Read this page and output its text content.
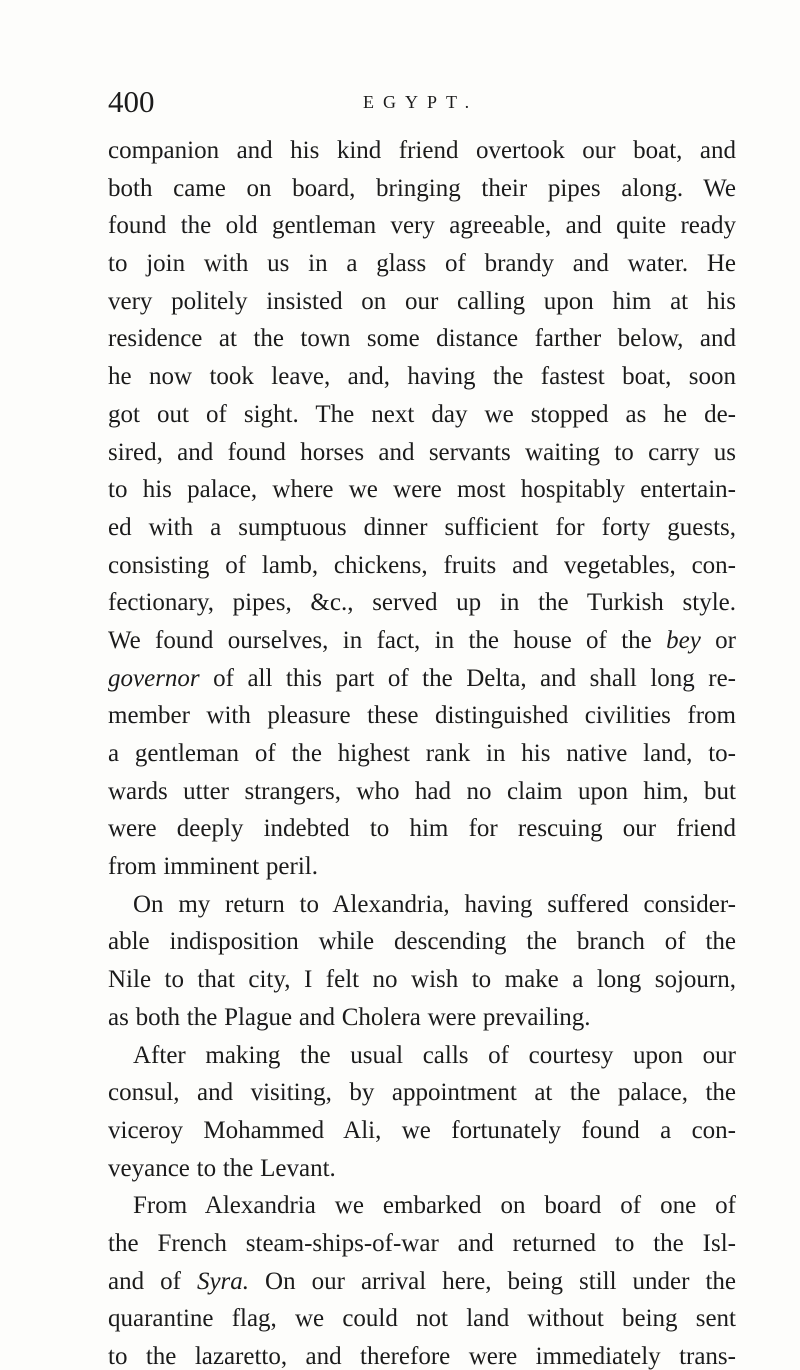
400	EGYPT.
companion and his kind friend overtook our boat, and
both came on board, bringing their pipes along. We
found the old gentleman very agreeable, and quite ready
to join with us in a glass of brandy and water. He
very politely insisted on our calling upon him at his
residence at the town some distance farther below, and
he now took leave, and, having the fastest boat, soon
got out of sight. The next day we stopped as he de-
sired, and found horses and servants waiting to carry us
to his palace, where we were most hospitably entertain-
ed with a sumptuous dinner sufficient for forty guests,
consisting of lamb, chickens, fruits and vegetables, con-
fectionary, pipes, &c., served up in the Turkish style.
We found ourselves, in fact, in the house of the bey or
governor of all this part of the Delta, and shall long re-
member with pleasure these distinguished civilities from
a gentleman of the highest rank in his native land, to-
wards utter strangers, who had no claim upon him, but
were deeply indebted to him for rescuing our friend
from imminent peril.
On my return to Alexandria, having suffered consider-
able indisposition while descending the branch of the
Nile to that city, I felt no wish to make a long sojourn,
as both the Plague and Cholera were prevailing.
After making the usual calls of courtesy upon our
consul, and visiting, by appointment at the palace, the
viceroy Mohammed Ali, we fortunately found a con-
veyance to the Levant.
From Alexandria we embarked on board of one of
the French steam-ships-of-war and returned to the Isl-
and of Syra. On our arrival here, being still under the
quarantine flag, we could not land without being sent
to the lazaretto, and therefore were immediately trans-
